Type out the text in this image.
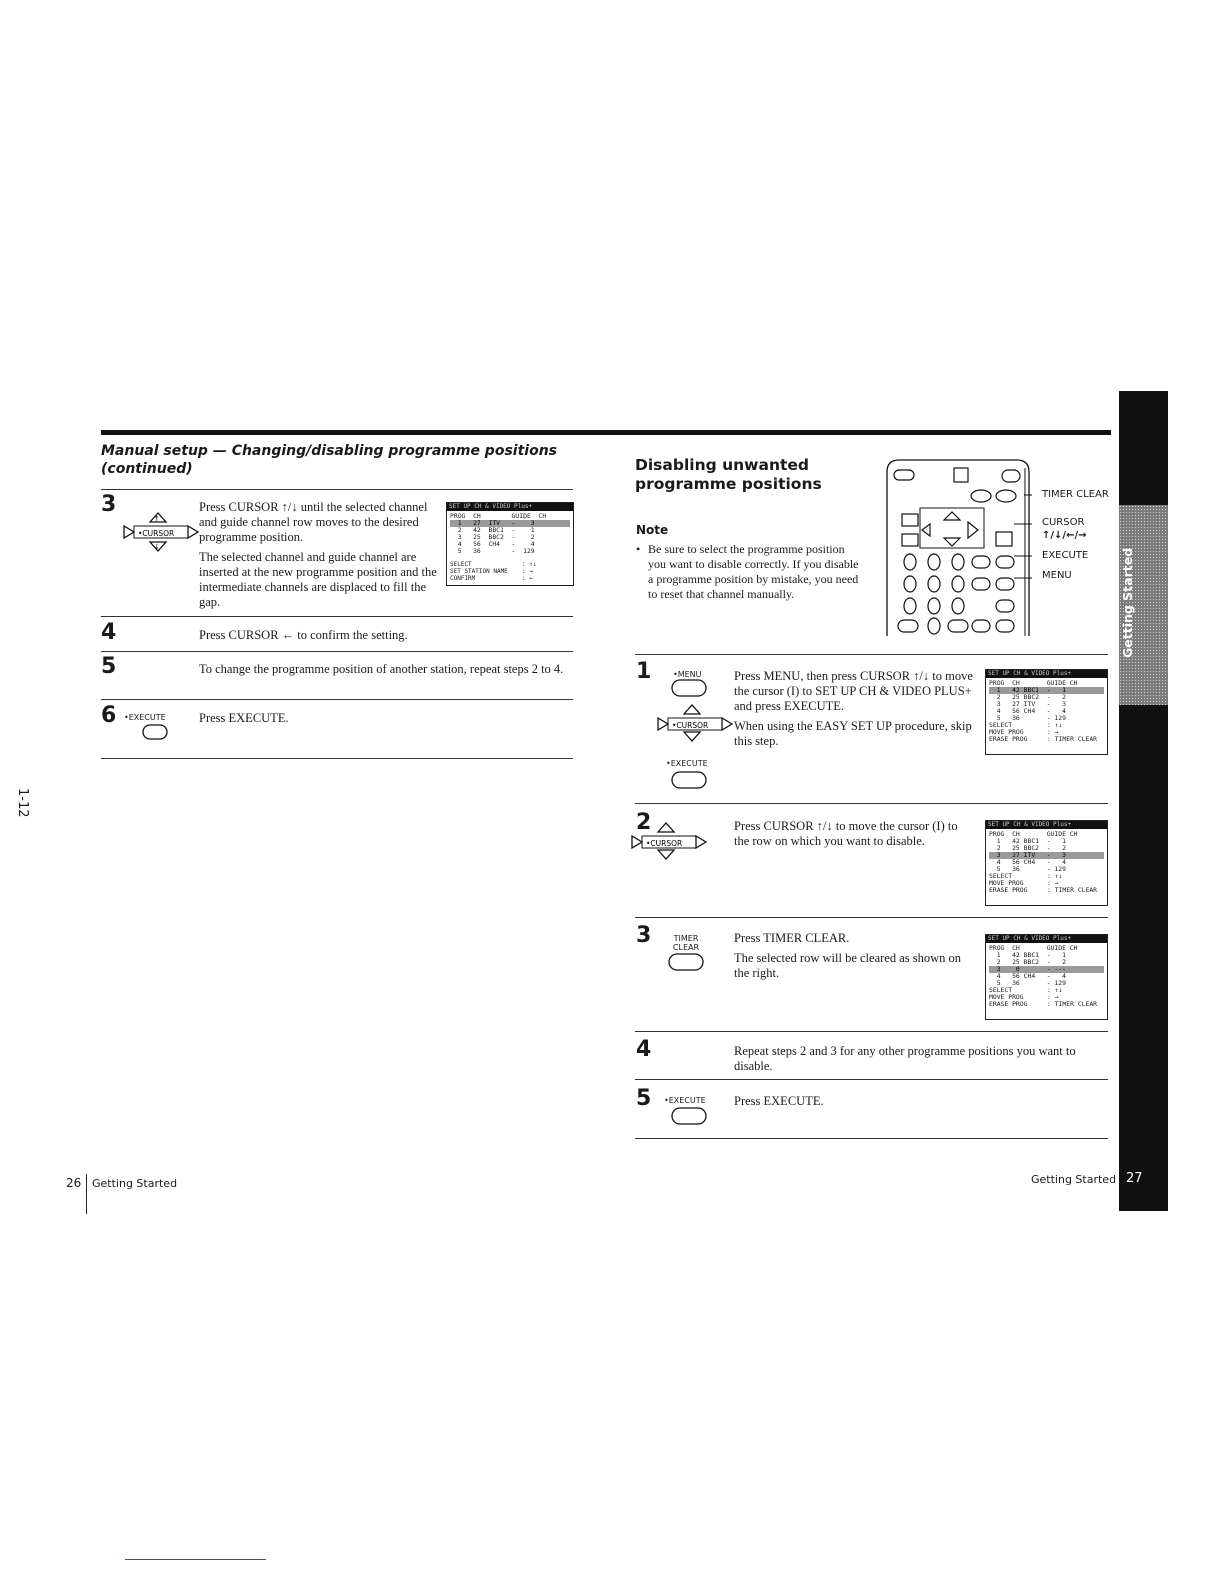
Manual setup — Changing/disabling programme positions
(continued)
3
↑
↓
•CURSOR
Press CURSOR ↑/↓ until the selected channel and guide channel row moves to the desired programme position.
The selected channel and guide channel are inserted at the new programme position and the intermediate channels are displaced to fill the gap.
SET UP CH & VIDEO Plus+
PROG  CH        GUIDE  CH
1   27  ITV   -    3
2   42  BBC1  -    1
3   25  BBC2  -    2
4   56  CH4   -    4
5   36        -  129
SELECT	: ↑↓
SET STATION NAME	: →
CONFIRM	: ←
4	Press CURSOR ← to confirm the setting.
5	To change the programme position of another station, repeat steps 2 to 4.
6 •EXECUTE	Press EXECUTE.
1-12
26 Getting Started
Disabling unwanted
programme positions
Note
• Be sure to select the programme position you want to disable correctly. If you disable a programme position by mistake, you need to reset that channel manually.
TIMER CLEAR
CURSOR
↑/↓/←/→
EXECUTE
MENU
1	•MENU
•CURSOR
•EXECUTE
Press MENU, then press CURSOR ↑/↓ to move the cursor (I) to SET UP CH & VIDEO PLUS+ and press EXECUTE.
When using the EASY SET UP procedure, skip this step.
SET UP CH & VIDEO Plus+
PROG  CH       GUIDE CH
1   42 BBC1  -   1
2   25 BBC2  -   2
3   27 ITV   -   3
4   56 CH4   -   4
5   36       - 129
SELECT	: ↑↓
MOVE PROG	: →
ERASE PROG	: TIMER CLEAR
2
•CURSOR
Press CURSOR ↑/↓ to move the cursor (I) to the row on which you want to disable.
SET UP CH & VIDEO Plus+
PROG  CH       GUIDE CH
1   42 BBC1  -   1
2   25 BBC2  -   2
3   27 ITV   -   3
4   56 CH4   -   4
5   36       - 129
SELECT	: ↑↓
MOVE PROG	: →
ERASE PROG	: TIMER CLEAR
3	TIMER CLEAR
Press TIMER CLEAR.
The selected row will be cleared as shown on the right.
SET UP CH & VIDEO Plus+
PROG  CH       GUIDE CH
1   42 BBC1  -   1
2   25 BBC2  -   2
3    0       - ---
4   56 CH4   -   4
5   36       - 129
SELECT	: ↑↓
MOVE PROG	: →
ERASE PROG	: TIMER CLEAR
4	Repeat steps 2 and 3 for any other programme positions you want to disable.
5 •EXECUTE Press EXECUTE.
Getting Started
Getting Started 27
